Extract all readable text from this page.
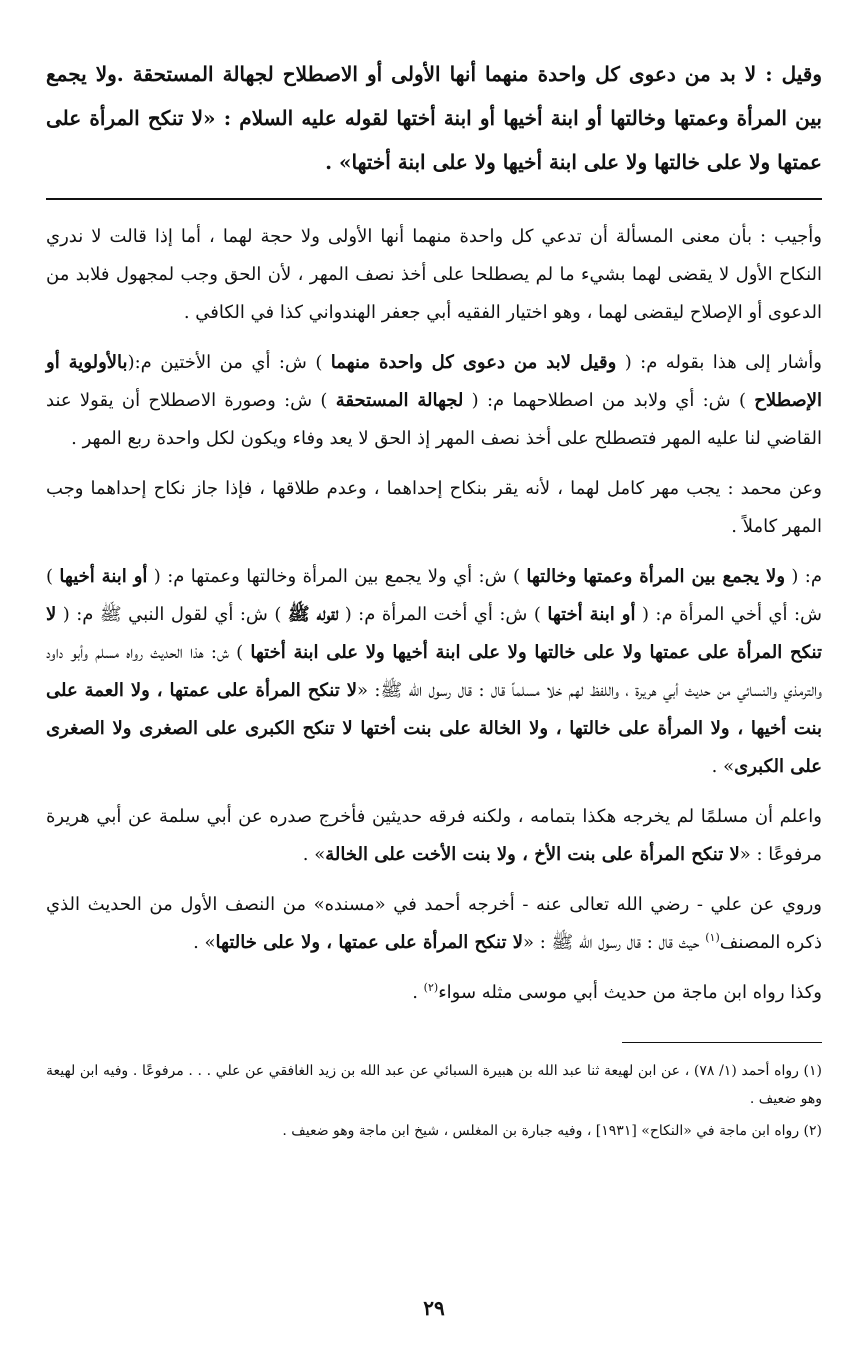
وقيل : لا بد من دعوى كل واحدة منهما أنها الأولى أو الاصطلاح لجهالة المستحقة .ولا يجمع بين المرأة وعمتها وخالتها أو ابنة أخيها أو ابنة أختها لقوله عليه السلام : «لا تنكح المرأة على عمتها ولا على خالتها ولا على ابنة أخيها ولا على ابنة أختها» .

وأجيب : بأن معنى المسألة أن تدعي كل واحدة منهما أنها الأولى ولا حجة لهما ، أما إذا قالت لا ندري النكاح الأول لا يقضى لهما بشيء ما لم يصطلحا على أخذ نصف المهر ، لأن الحق وجب لمجهول فلابد من الدعوى أو الإصلاح ليقضى لهما ، وهو اختيار الفقيه أبي جعفر الهندواني كذا في الكافي .

وأشار إلى هذا بقوله م: ( وقيل لابد من دعوى كل واحدة منهما ) ش: أي من الأختين م:(بالأولوية أو الإصطلاح ) ش: أي ولابد من اصطلاحهما م: ( لجهالة المستحقة ) ش: وصورة الاصطلاح أن يقولا عند القاضي لنا عليه المهر فتصطلح على أخذ نصف المهر إذ الحق لا يعد وفاء ويكون لكل واحدة ربع المهر .

وعن محمد : يجب مهر كامل لهما ، لأنه يقر بنكاح إحداهما ، وعدم طلاقها ، فإذا جاز نكاح إحداهما وجب المهر كاملاً .

م: ( ولا يجمع بين المرأة وعمتها وخالتها ) ش: أي ولا يجمع بين المرأة وخالتها وعمتها م: ( أو ابنة أخيها ) ش: أي أخي المرأة م: ( أو ابنة أختها ) ش: أي أخت المرأة م: ( لقوله ﷺ ) ش: أي لقول النبي ﷺ م: ( لا تنكح المرأة على عمتها ولا على خالتها ولا على ابنة أخيها ولا على ابنة أختها ) ش: هذا الحديث رواه مسلم وأبو داود والترمذي والنسائي من حديث أبي هريرة ، واللفظ لهم خلا مسلماً قال : قال رسول الله ﷺ: «لا تنكح المرأة على عمتها ، ولا العمة على بنت أخيها ، ولا المرأة على خالتها ، ولا الخالة على بنت أختها لا تنكح الكبرى على الصغرى ولا الصغرى على الكبرى» .

واعلم أن مسلمًا لم يخرجه هكذا بتمامه ، ولكنه فرقه حديثين فأخرج صدره عن أبي سلمة عن أبي هريرة مرفوعًا : «لا تنكح المرأة على بنت الأخ ، ولا بنت الأخت على الخالة» .

وروي عن علي - رضي الله تعالى عنه - أخرجه أحمد في «مسنده» من النصف الأول من الحديث الذي ذكره المصنف$^{(١)}$ حيث قال : قال رسول الله ﷺ : «لا تنكح المرأة على عمتها ، ولا على خالتها» .

وكذا رواه ابن ماجة من حديث أبي موسى مثله سواء$^{(٢)}$ .

(١) رواه أحمد (١/ ٧٨) ، عن ابن لهيعة ثنا عبد الله بن هبيرة السبائي عن عبد الله بن زيد الغافقي عن علي . . . مرفوعًا . وفيه ابن لهيعة وهو ضعيف .

(٢) رواه ابن ماجة في «النكاح» [١٩٣١] ، وفيه جبارة بن المغلس ، شيخ ابن ماجة وهو ضعيف .

٢٩
